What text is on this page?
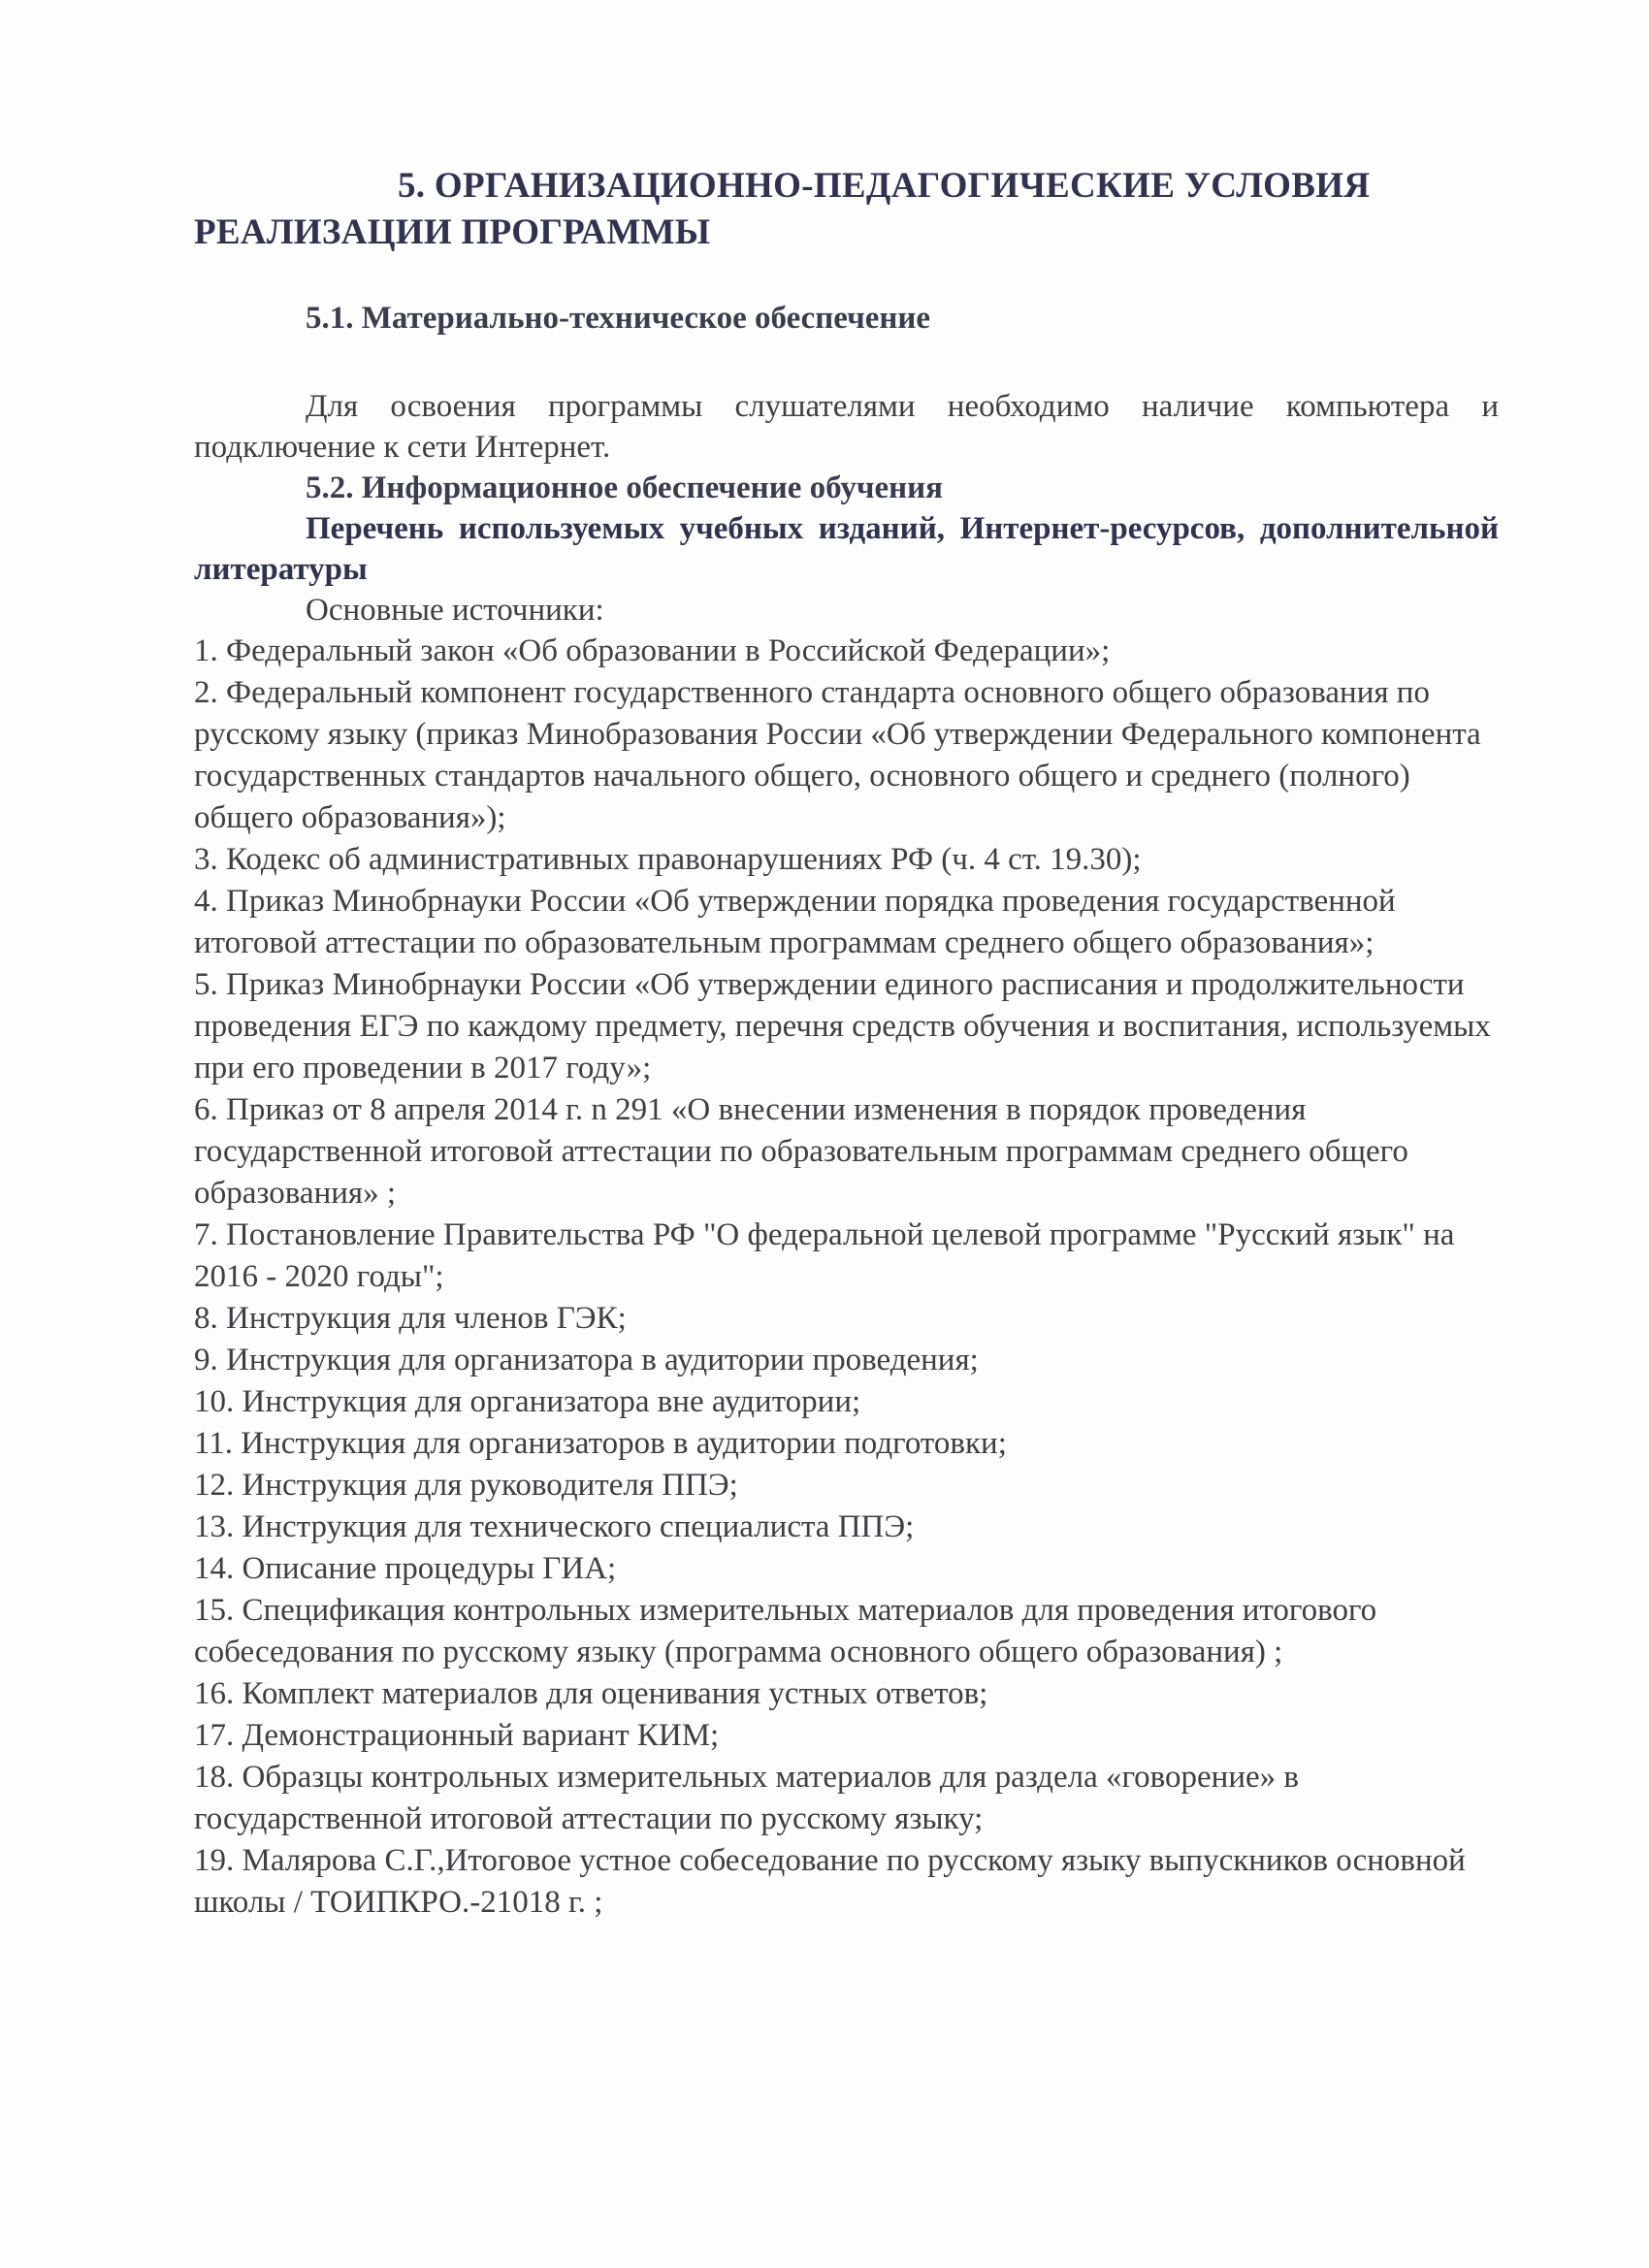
5. ОРГАНИЗАЦИОННО-ПЕДАГОГИЧЕСКИЕ УСЛОВИЯ РЕАЛИЗАЦИИ ПРОГРАММЫ
5.1. Материально-техническое обеспечение

Для освоения программы слушателями необходимо наличие компьютера и подключение к сети Интернет.

5.2. Информационное обеспечение обучения

Перечень используемых учебных изданий, Интернет-ресурсов, дополнительной литературы

Основные источники:

1. Федеральный закон «Об образовании в Российской Федерации»;
2. Федеральный компонент государственного стандарта основного общего образования по русскому языку (приказ Минобразования России «Об утверждении Федерального компонента государственных стандартов начального общего, основного общего и среднего (полного) общего образования»);
3. Кодекс об административных правонарушениях РФ (ч. 4 ст. 19.30);
4. Приказ Минобрнауки России «Об утверждении порядка проведения государственной итоговой аттестации по образовательным программам среднего общего образования»;
5. Приказ Минобрнауки России «Об утверждении единого расписания и продолжительности проведения ЕГЭ по каждому предмету, перечня средств обучения и воспитания, используемых при его проведении в 2017 году»;
6. Приказ от 8 апреля 2014 г. n 291 «О внесении изменения в порядок проведения государственной итоговой аттестации по образовательным программам среднего общего образования» ;
7. Постановление Правительства РФ "О федеральной целевой программе "Русский язык" на 2016 - 2020 годы";
8. Инструкция для членов ГЭК;
9. Инструкция для организатора в аудитории проведения;
10. Инструкция для организатора вне аудитории;
11. Инструкция для организаторов в аудитории подготовки;
12. Инструкция для руководителя ППЭ;
13. Инструкция для технического специалиста ППЭ;
14. Описание процедуры ГИА;
15. Спецификация контрольных измерительных материалов для проведения итогового собеседования по русскому языку (программа основного общего образования) ;
16. Комплект материалов для оценивания устных ответов;
17. Демонстрационный вариант КИМ;
18. Образцы контрольных измерительных материалов для раздела «говорение» в государственной итоговой аттестации по русскому языку;
19. Малярова С.Г.,Итоговое устное собеседование по русскому языку выпускников основной школы / ТОИПКРО.-21018 г. ;
